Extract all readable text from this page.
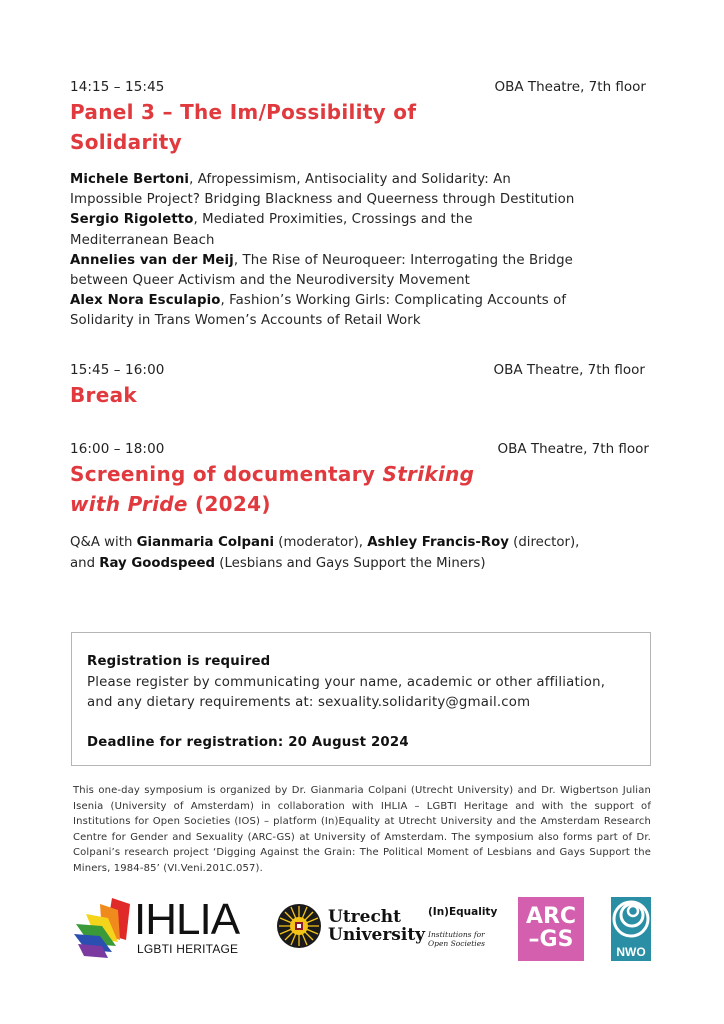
14:15 – 15:45	OBA Theatre, 7th floor
Panel 3 – The Im/Possibility of
Solidarity
Michele Bertoni, Afropessimism, Antisociality and Solidarity: An
Impossible Project? Bridging Blackness and Queerness through Destitution
Sergio Rigoletto, Mediated Proximities, Crossings and the
Mediterranean Beach
Annelies van der Meij, The Rise of Neuroqueer: Interrogating the Bridge
between Queer Activism and the Neurodiversity Movement
Alex Nora Esculapio, Fashion’s Working Girls: Complicating Accounts of
Solidarity in Trans Women’s Accounts of Retail Work
15:45 – 16:00	OBA Theatre, 7th floor
Break
16:00 – 18:00	OBA Theatre, 7th floor
Screening of documentary Striking
with Pride (2024)
Q&A with Gianmaria Colpani (moderator), Ashley Francis-Roy (director),
and Ray Goodspeed (Lesbians and Gays Support the Miners)
Registration is required
Please register by communicating your name, academic or other affiliation,
and any dietary requirements at: sexuality.solidarity@gmail.com
Deadline for registration: 20 August 2024
This one-day symposium is organized by Dr. Gianmaria Colpani (Utrecht University) and Dr. Wigbertson Julian Isenia (University of Amsterdam) in collaboration with IHLIA – LGBTI Heritage and with the support of Institutions for Open Societies (IOS) – platform (In)Equality at Utrecht University and the Amsterdam Research Centre for Gender and Sexuality (ARC-GS) at University of Amsterdam. The symposium also forms part of Dr. Colpani’s research project ‘Digging Against the Grain: The Political Moment of Lesbians and Gays Support the Miners, 1984-85’ (VI.Veni.201C.057).
IHLIA
LGBTI HERITAGE
Utrecht
University
(In)Equality
Institutions for
Open Societies
ARC
–GS	NWO
